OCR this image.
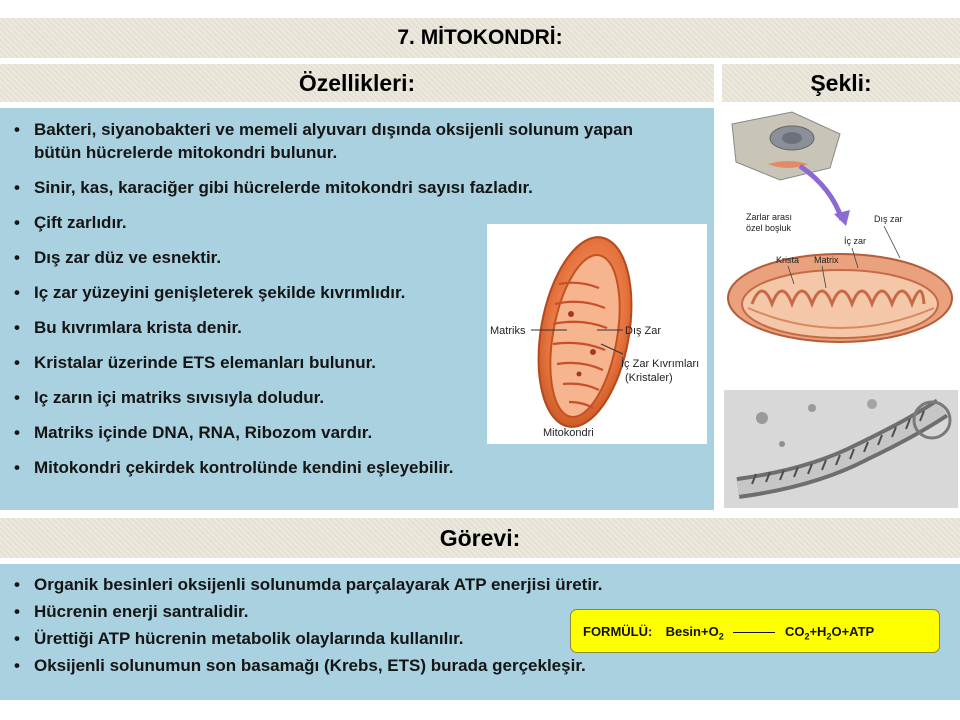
7. MİTOKONDRİ:
Özellikleri:	Şekli:
• Bakteri, siyanobakteri ve memeli alyuvarı dışında oksijenli solunum yapan bütün hücrelerde mitokondri bulunur.
• Sinir, kas, karaciğer gibi hücrelerde mitokondri sayısı fazladır.
• Çift zarlıdır.
• Dış zar düz ve esnektir.
• Iç zar yüzeyini genişleterek şekilde kıvrımlıdır.
• Bu kıvrımlara krista denir.
• Kristalar üzerinde ETS elemanları bulunur.
• Iç zarın içi matriks sıvısıyla doludur.
• Matriks içinde DNA, RNA, Ribozom vardır.
• Mitokondri çekirdek kontrolünde kendini eşleyebilir.
Matriks	Dış Zar
İç Zar Kıvrımları
(Kristaler)
Mitokondri
Zarlar arası
özel boşluk
Dış zar
İç zar
Krista Matrix
Görevi:
• Organik besinleri oksijenli solunumda parçalayarak ATP enerjisi üretir.
• Hücrenin enerji santralidir.
• Ürettiği ATP hücrenin metabolik olaylarında kullanılır.
• Oksijenli solunumun son basamağı (Krebs, ETS) burada gerçekleşir.
FORMÜLÜ: $Besin+O_2$	$CO_2+H_2O+ATP$
